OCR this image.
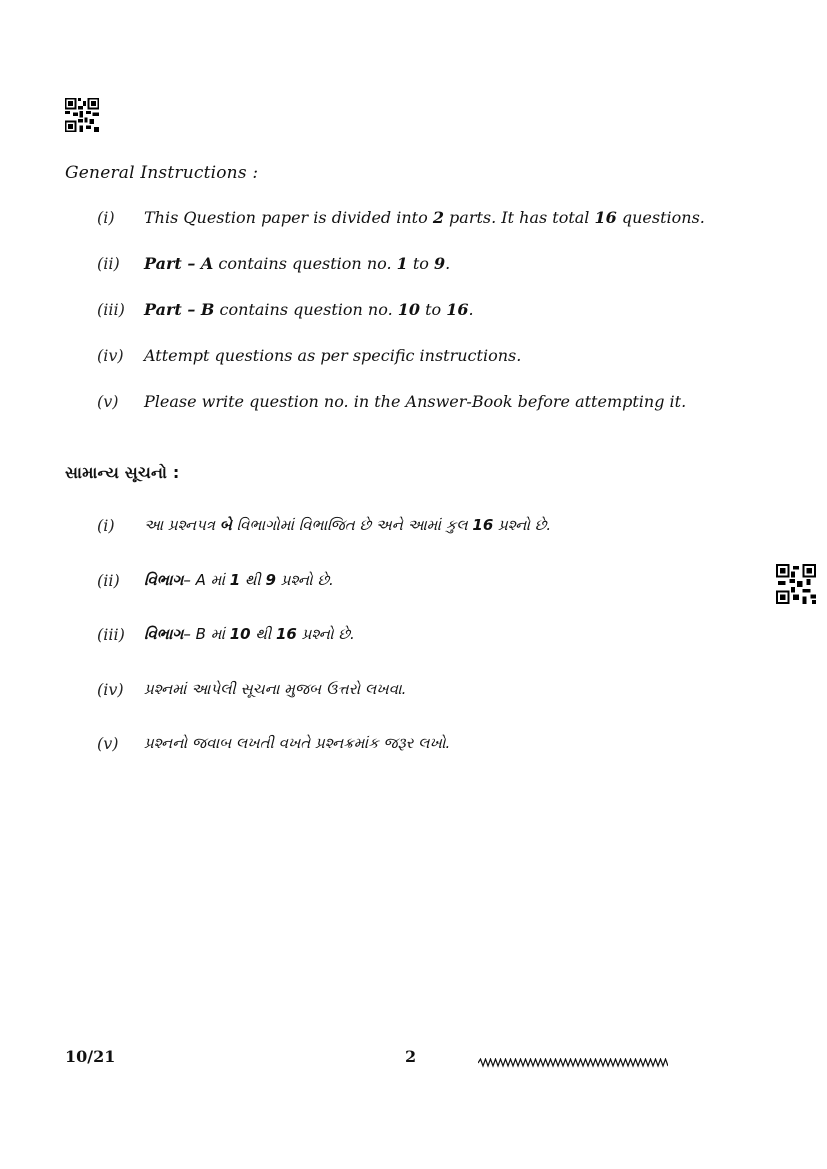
General Instructions :
(i)	This Question paper is divided into 2 parts. It has total 16 questions.
(ii)	Part – A contains question no. 1 to 9.
(iii)	Part – B contains question no. 10 to 16.
(iv)	Attempt questions as per specific instructions.
(v)	Please write question no. in the Answer-Book before attempting it.
સામાન્ય સૂચનો :
(i)	આ પ્રશ્નપત્ર બે વિભાગોમાં વિભાજિત છે અને આમાં કુલ 16 પ્રશ્નો છે.
(ii)	વિભાગ– A માં 1 થી 9 પ્રશ્નો છે.
(iii)	વિભાગ– B માં 10 થી 16 પ્રશ્નો છે.
(iv)	પ્રશ્નમાં આપેલી સૂચના મુજબ ઉત્તરો લખવા.
(v)	પ્રશ્નનો જવાબ લખતી વખતે પ્રશ્નક્રમાંક જરૂર લખો.
10/21	2
